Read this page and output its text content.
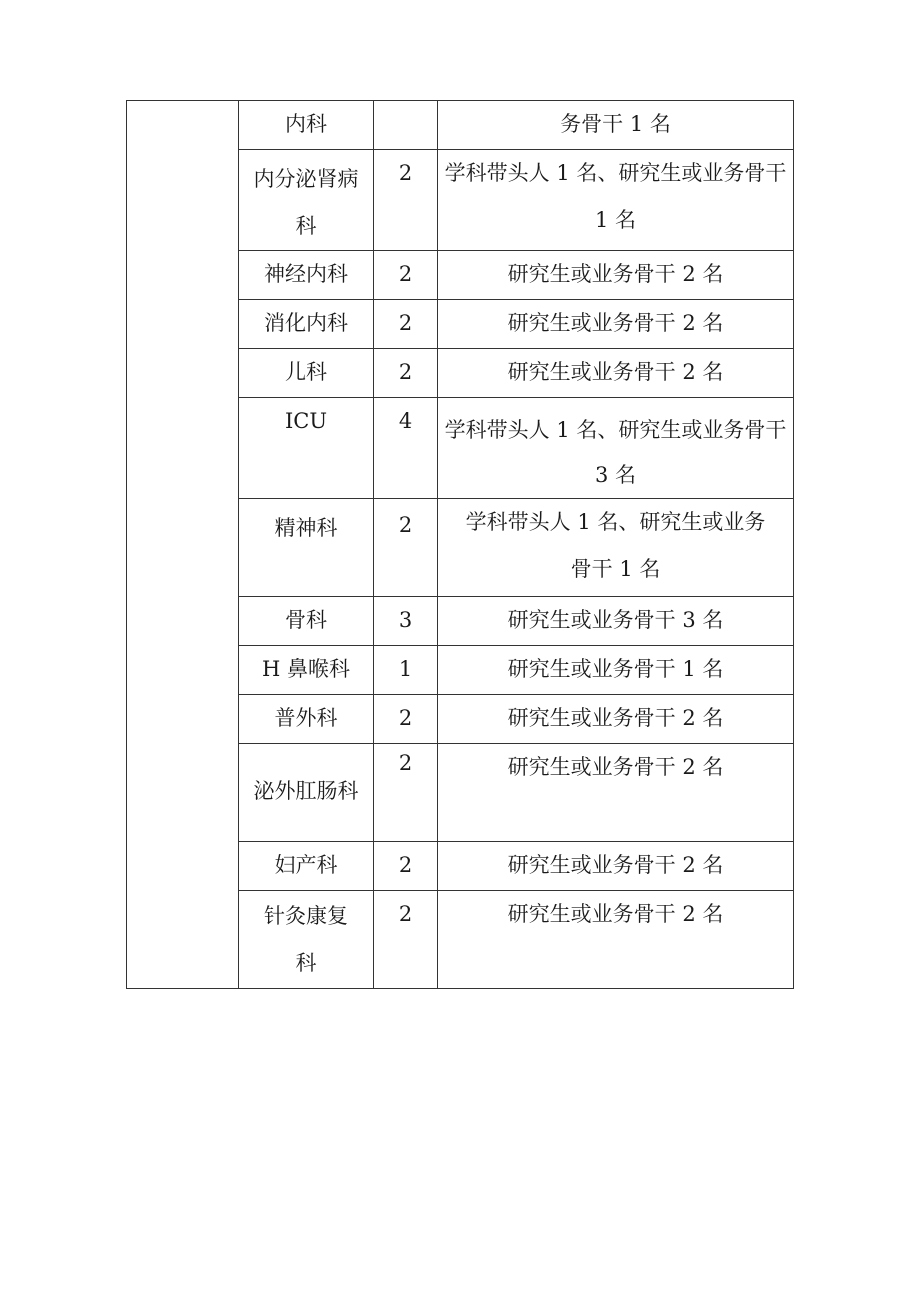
	内科		务骨干 1 名

	内分泌肾病科	2	学科带头人 1 名、研究生或业务骨干 1 名

	神经内科	2	研究生或业务骨干 2 名

	消化内科	2	研究生或业务骨干 2 名

	儿科	2	研究生或业务骨干 2 名

	ICU	4	学科带头人 1 名、研究生或业务骨干 3 名

	精神科	2	学科带头人 1 名、研究生或业务骨干 1 名

	骨科	3	研究生或业务骨干 3 名

	H 鼻喉科	1	研究生或业务骨干 1 名

	普外科	2	研究生或业务骨干 2 名

	泌外肛肠科	2	研究生或业务骨干 2 名

	妇产科	2	研究生或业务骨干 2 名

	针灸康复科	2	研究生或业务骨干 2 名
